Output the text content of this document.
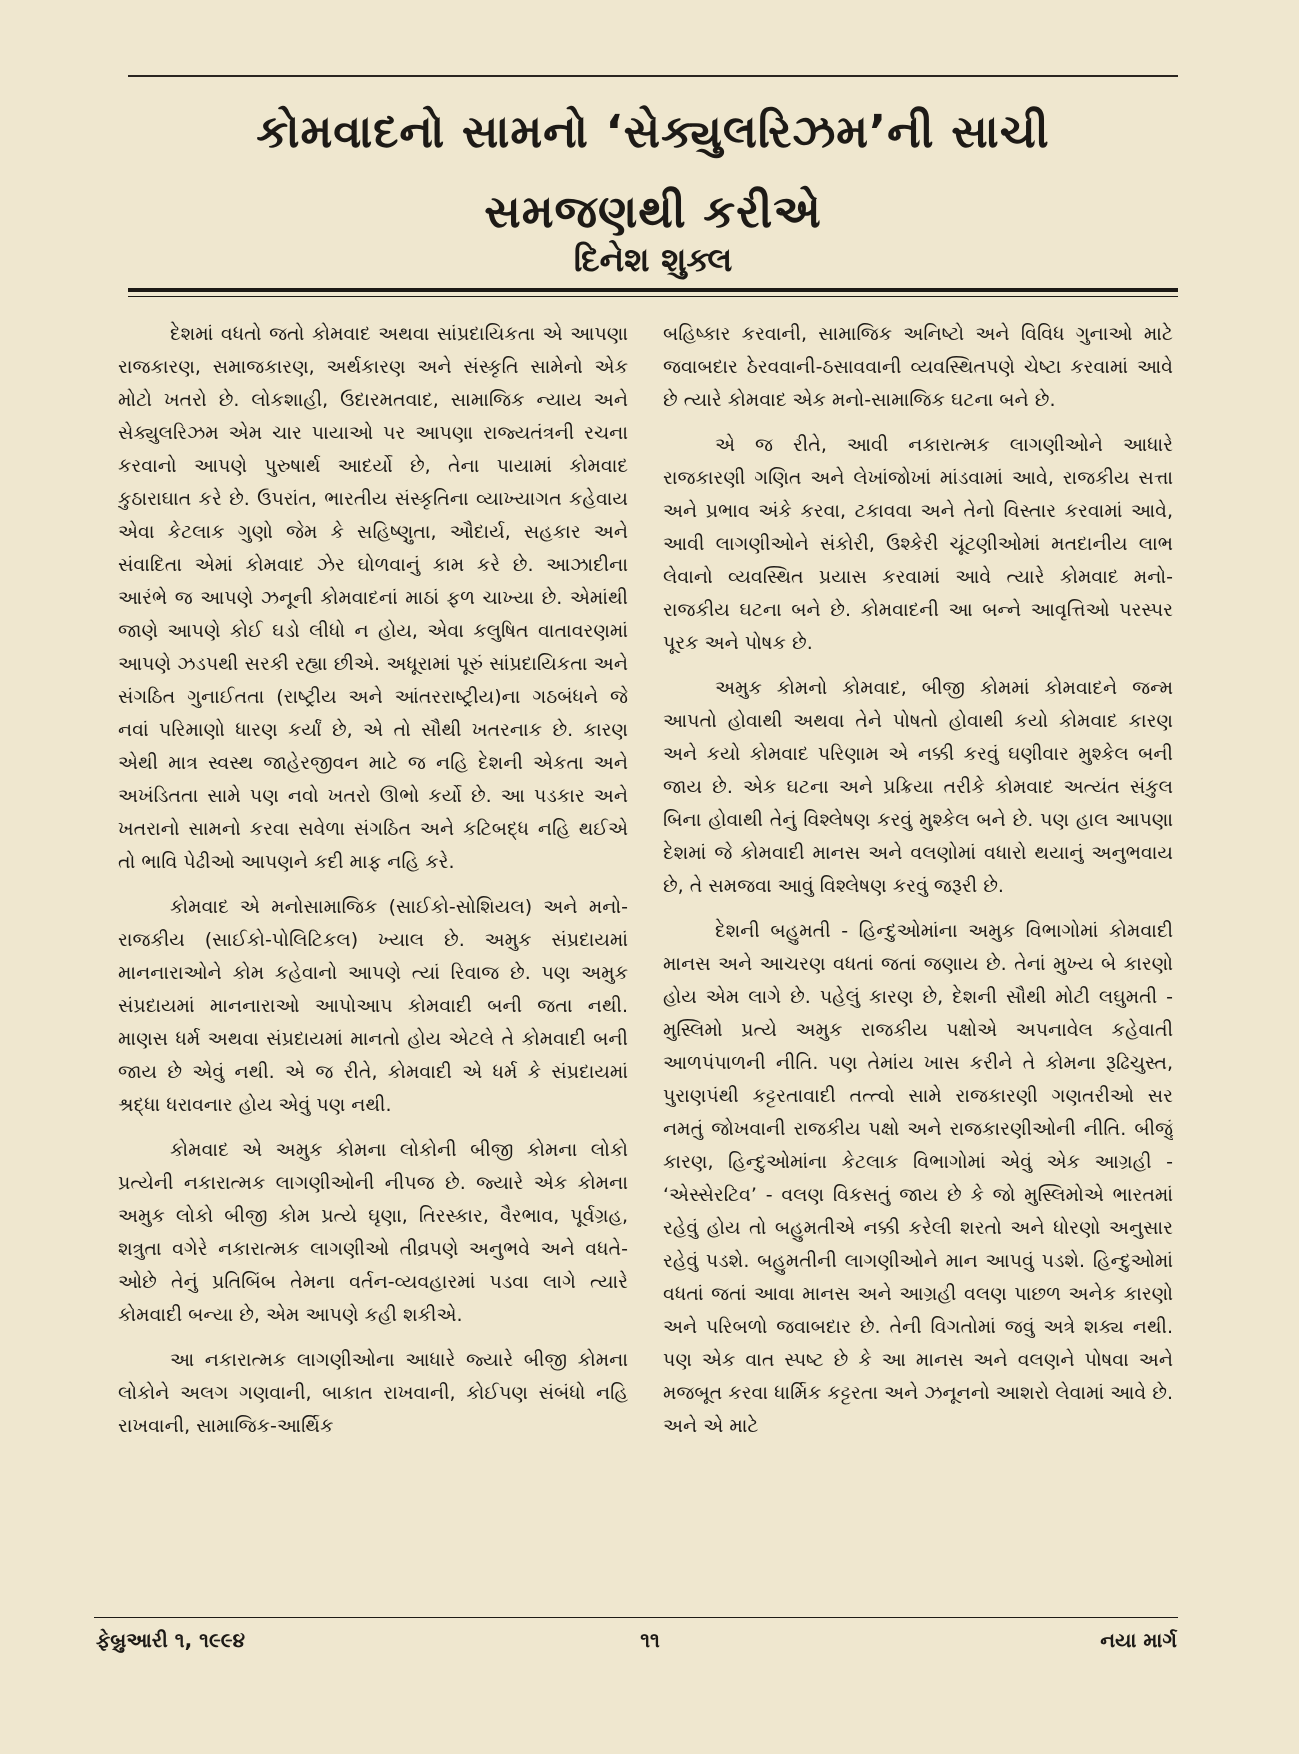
કોમવાદનો સામનો ‘સેક્યુલરિઝમ’ની સાચી
સમજણથી કરીએ
દિનેશ શુક્લ

દેશમાં વધતો જતો કોમવાદ અથવા સાંપ્રદાયિકતા એ આપણા રાજકારણ, સમાજકારણ, અર્થકારણ અને સંસ્કૃતિ સામેનો એક મોટો ખતરો છે. લોકશાહી, ઉદારમતવાદ, સામાજિક ન્યાય અને સેક્યુલરિઝમ એમ ચાર પાયાઓ પર આપણા રાજ્યતંત્રની રચના કરવાનો આપણે પુરુષાર્થ આદર્યો છે, તેના પાયામાં કોમવાદ કુઠારાઘાત કરે છે. ઉપરાંત, ભારતીય સંસ્કૃતિના વ્યાખ્યાગત કહેવાય એવા કેટલાક ગુણો જેમ કે સહિષ્ણુતા, ઔદાર્ય, સહકાર અને સંવાદિતા એમાં કોમવાદ ઝેર ઘોળવાનું કામ કરે છે. આઝાદીના આરંભે જ આપણે ઝનૂની કોમવાદનાં માઠાં ફળ ચાખ્યા છે. એમાંથી જાણે આપણે કોઈ ઘડો લીધો ન હોય, એવા કલુષિત વાતાવરણમાં આપણે ઝડપથી સરકી રહ્યા છીએ. અધૂરામાં પૂરું સાંપ્રદાયિકતા અને સંગઠિત ગુનાઈતતા (રાષ્ટ્રીય અને આંતરરાષ્ટ્રીય)ના ગઠબંધને જે નવાં પરિમાણો ધારણ કર્યાં છે, એ તો સૌથી ખતરનાક છે. કારણ એથી માત્ર સ્વસ્થ જાહેરજીવન માટે જ નહિ દેશની એકતા અને અખંડિતતા સામે પણ નવો ખતરો ઊભો કર્યો છે. આ પડકાર અને ખતરાનો સામનો કરવા સવેળા સંગઠિત અને કટિબદ્ધ નહિ થઈએ તો ભાવિ પેઢીઓ આપણને કદી માફ નહિ કરે.

કોમવાદ એ મનોસામાજિક (સાઈકો-સોશિયલ) અને મનો-રાજકીય (સાઈકો-પોલિટિકલ) ખ્યાલ છે. અમુક સંપ્રદાયમાં માનનારાઓને કોમ કહેવાનો આપણે ત્યાં રિવાજ છે. પણ અમુક સંપ્રદાયમાં માનનારાઓ આપોઆપ કોમવાદી બની જતા નથી. માણસ ધર્મ અથવા સંપ્રદાયમાં માનતો હોય એટલે તે કોમવાદી બની જાય છે એવું નથી. એ જ રીતે, કોમવાદી એ ધર્મ કે સંપ્રદાયમાં શ્રદ્ધા ધરાવનાર હોય એવું પણ નથી.

કોમવાદ એ અમુક કોમના લોકોની બીજી કોમના લોકો પ્રત્યેની નકારાત્મક લાગણીઓની નીપજ છે. જ્યારે એક કોમના અમુક લોકો બીજી કોમ પ્રત્યે ઘૃણા, તિરસ્કાર, વૈરભાવ, પૂર્વગ્રહ, શત્રુતા વગેરે નકારાત્મક લાગણીઓ તીવ્રપણે અનુભવે અને વધતે-ઓછે તેનું પ્રતિબિંબ તેમના વર્તન-વ્યવહારમાં પડવા લાગે ત્યારે કોમવાદી બન્યા છે, એમ આપણે કહી શકીએ.

આ નકારાત્મક લાગણીઓના આધારે જ્યારે બીજી કોમના લોકોને અલગ ગણવાની, બાકાત રાખવાની, કોઈપણ સંબંધો નહિ રાખવાની, સામાજિક-આર્થિક

બહિષ્કાર કરવાની, સામાજિક અનિષ્ટો અને વિવિધ ગુનાઓ માટે જવાબદાર ઠેરવવાની-ઠસાવવાની વ્યવસ્થિતપણે ચેષ્ટા કરવામાં આવે છે ત્યારે કોમવાદ એક મનો-સામાજિક ઘટના બને છે.

એ જ રીતે, આવી નકારાત્મક લાગણીઓને આધારે રાજકારણી ગણિત અને લેખાંજોખાં માંડવામાં આવે, રાજકીય સત્તા અને પ્રભાવ અંકે કરવા, ટકાવવા અને તેનો વિસ્તાર કરવામાં આવે, આવી લાગણીઓને સંકોરી, ઉશ્કેરી ચૂંટણીઓમાં મતદાનીય લાભ લેવાનો વ્યવસ્થિત પ્રયાસ કરવામાં આવે ત્યારે કોમવાદ મનો-રાજકીય ઘટના બને છે. કોમવાદની આ બન્ને આવૃત્તિઓ પરસ્પર પૂરક અને પોષક છે.

અમુક કોમનો કોમવાદ, બીજી કોમમાં કોમવાદને જન્મ આપતો હોવાથી અથવા તેને પોષતો હોવાથી કયો કોમવાદ કારણ અને કયો કોમવાદ પરિણામ એ નક્કી કરવું ઘણીવાર મુશ્કેલ બની જાય છે. એક ઘટના અને પ્રક્રિયા તરીકે કોમવાદ અત્યંત સંકુલ બિના હોવાથી તેનું વિશ્લેષણ કરવું મુશ્કેલ બને છે. પણ હાલ આપણા દેશમાં જે કોમવાદી માનસ અને વલણોમાં વધારો થયાનું અનુભવાય છે, તે સમજવા આવું વિશ્લેષણ કરવું જરૂરી છે.

દેશની બહુમતી - હિન્દુઓમાંના અમુક વિભાગોમાં કોમવાદી માનસ અને આચરણ વધતાં જતાં જણાય છે. તેનાં મુખ્ય બે કારણો હોય એમ લાગે છે. પહેલું કારણ છે, દેશની સૌથી મોટી લઘુમતી - મુસ્લિમો પ્રત્યે અમુક રાજકીય પક્ષોએ અપનાવેલ કહેવાતી આળપંપાળની નીતિ. પણ તેમાંય ખાસ કરીને તે કોમના રૂઢિચુસ્ત, પુરાણપંથી કટ્ટરતાવાદી તત્ત્વો સામે રાજકારણી ગણતરીઓ સર નમતું જોખવાની રાજકીય પક્ષો અને રાજકારણીઓની નીતિ. બીજું કારણ, હિન્દુઓમાંના કેટલાક વિભાગોમાં એવું એક આગ્રહી - ‘એસ્સેરટિવ’ - વલણ વિકસતું જાય છે કે જો મુસ્લિમોએ ભારતમાં રહેવું હોય તો બહુમતીએ નક્કી કરેલી શરતો અને ધોરણો અનુસાર રહેવું પડશે. બહુમતીની લાગણીઓને માન આપવું પડશે. હિન્દુઓમાં વધતાં જતાં આવા માનસ અને આગ્રહી વલણ પાછળ અનેક કારણો અને પરિબળો જવાબદાર છે. તેની વિગતોમાં જવું અત્રે શક્ય નથી. પણ એક વાત સ્પષ્ટ છે કે આ માનસ અને વલણને પોષવા અને મજબૂત કરવા ધાર્મિક કટ્ટરતા અને ઝનૂનનો આશરો લેવામાં આવે છે. અને એ માટે

ફેબ્રુઆરી ૧, ૧૯૯૪	૧૧	નયા માર્ગ
